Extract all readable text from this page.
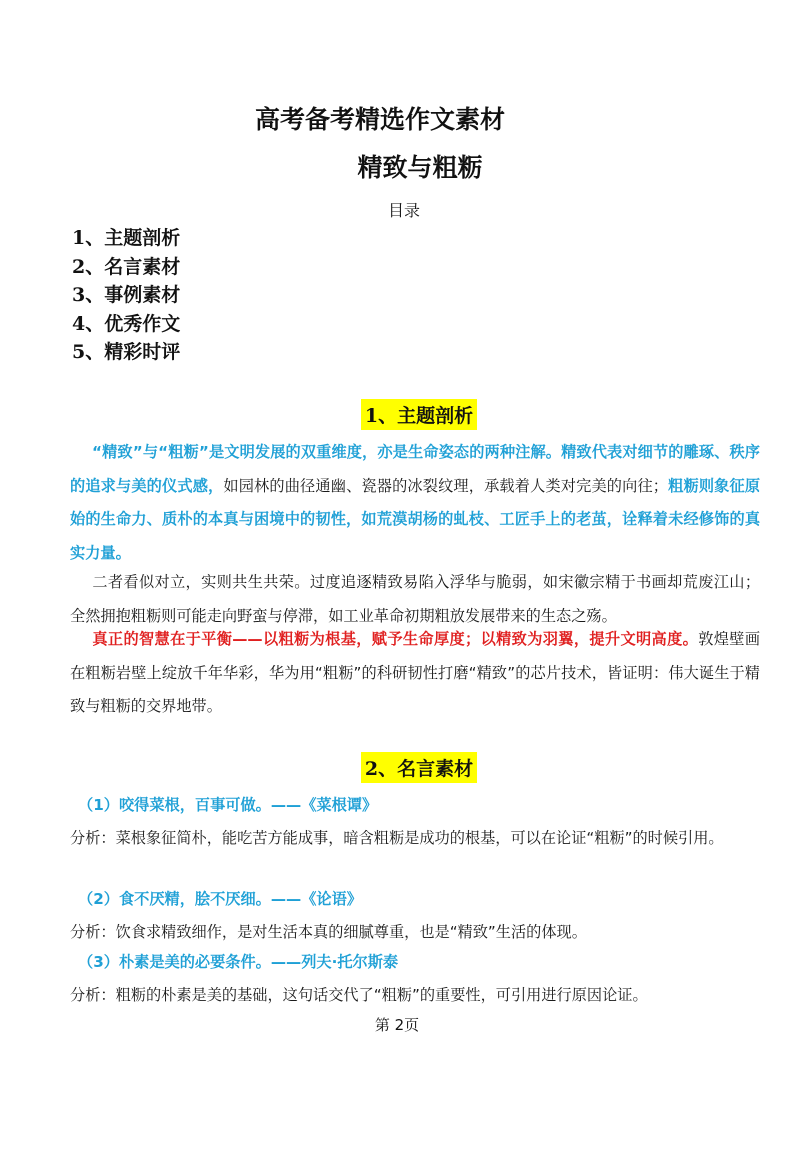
高考备考精选作文素材
精致与粗粝
目录
1、主题剖析
2、名言素材
3、事例素材
4、优秀作文
5、精彩时评
1、主题剖析

“精致”与“粗粝”是文明发展的双重维度，亦是生命姿态的两种注解。精致代表对细节的雕琢、秩序的追求与美的仪式感，如园林的曲径通幽、瓷器的冰裂纹理，承载着人类对完美的向往；粗粝则象征原始的生命力、质朴的本真与困境中的韧性，如荒漠胡杨的虬枝、工匠手上的老茧，诠释着未经修饰的真实力量。

二者看似对立，实则共生共荣。过度追逐精致易陷入浮华与脆弱，如宋徽宗精于书画却荒废江山；全然拥抱粗粝则可能走向野蛮与停滞，如工业革命初期粗放发展带来的生态之殇。

真正的智慧在于平衡——以粗粝为根基，赋予生命厚度；以精致为羽翼，提升文明高度。敦煌壁画在粗粝岩壁上绽放千年华彩，华为用“粗粝”的科研韧性打磨“精致”的芯片技术，皆证明：伟大诞生于精致与粗粝的交界地带。

2、名言素材
（1）咬得菜根，百事可做。——《菜根谭》
分析：菜根象征简朴，能吃苦方能成事，暗含粗粝是成功的根基，可以在论证“粗粝”的时候引用。
（2）食不厌精，脍不厌细。——《论语》
分析：饮食求精致细作，是对生活本真的细腻尊重，也是“精致”生活的体现。
（3）朴素是美的必要条件。——列夫·托尔斯泰
分析：粗粝的朴素是美的基础，这句话交代了“粗粝”的重要性，可引用进行原因论证。
第 2页
